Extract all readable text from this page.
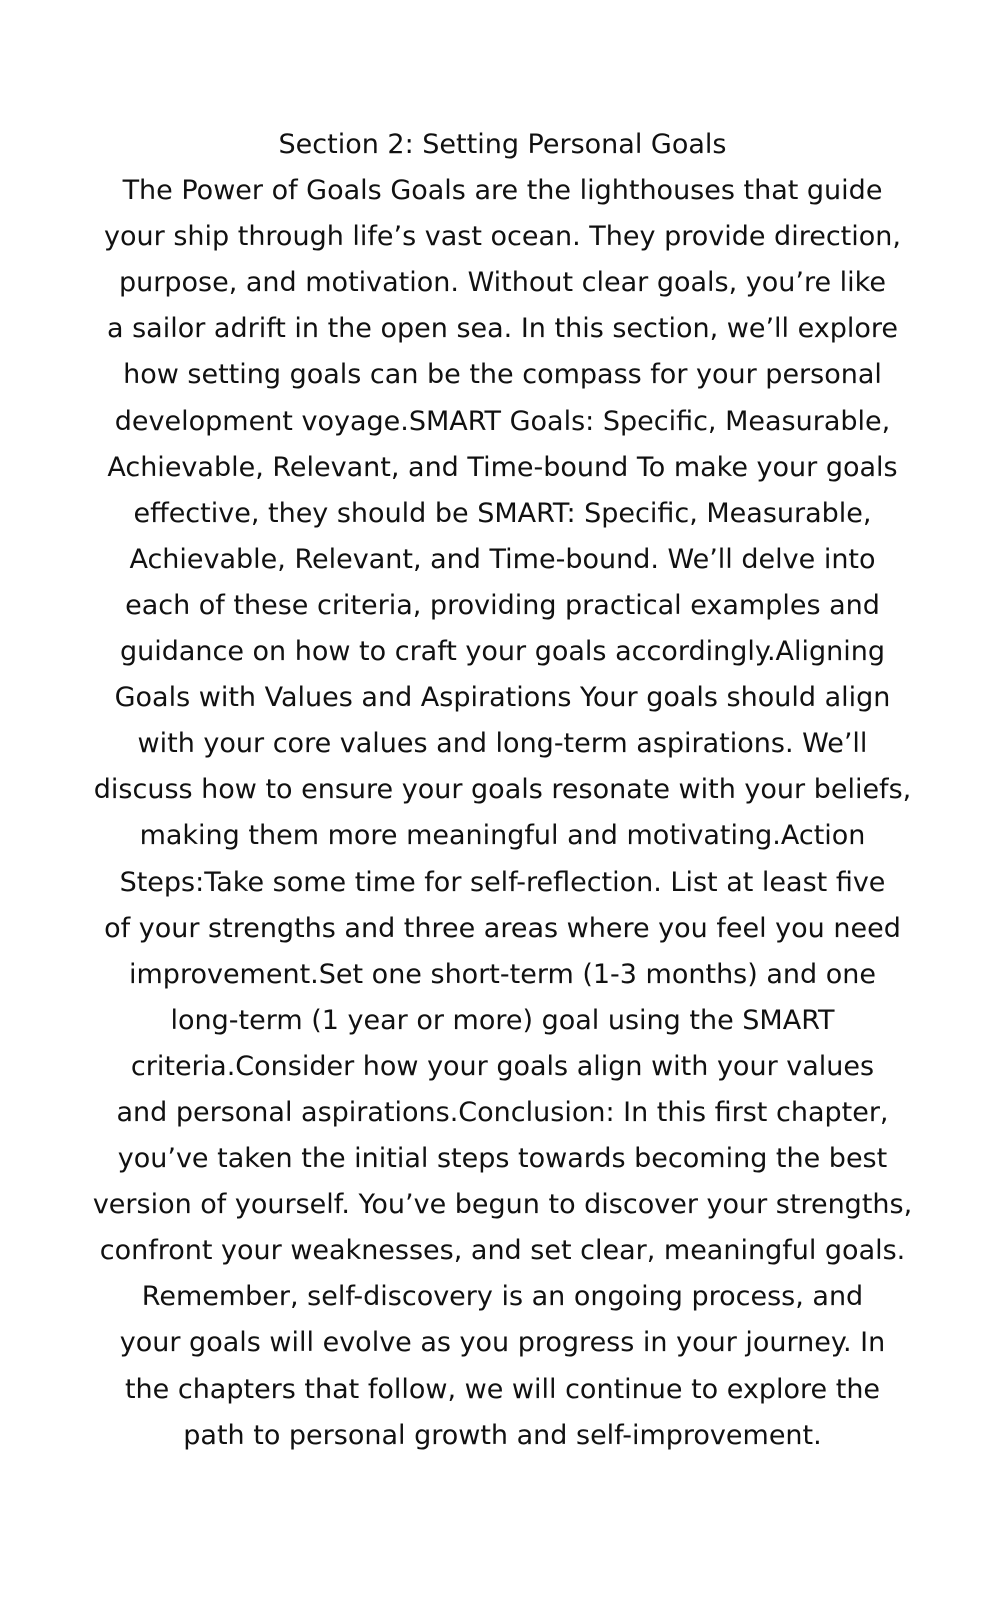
Section 2: Setting Personal Goals
The Power of Goals Goals are the lighthouses that guide
your ship through life’s vast ocean. They provide direction,
purpose, and motivation. Without clear goals, you’re like
a sailor adrift in the open sea. In this section, we’ll explore
how setting goals can be the compass for your personal
development voyage.SMART Goals: Specific, Measurable,
Achievable, Relevant, and Time-bound To make your goals
effective, they should be SMART: Specific, Measurable,
Achievable, Relevant, and Time-bound. We’ll delve into
each of these criteria, providing practical examples and
guidance on how to craft your goals accordingly.Aligning
Goals with Values and Aspirations Your goals should align
with your core values and long-term aspirations. We’ll
discuss how to ensure your goals resonate with your beliefs,
making them more meaningful and motivating.Action
Steps:Take some time for self-reflection. List at least five
of your strengths and three areas where you feel you need
improvement.Set one short-term (1-3 months) and one
long-term (1 year or more) goal using the SMART
criteria.Consider how your goals align with your values
and personal aspirations.Conclusion: In this first chapter,
you’ve taken the initial steps towards becoming the best
version of yourself. You’ve begun to discover your strengths,
confront your weaknesses, and set clear, meaningful goals.
Remember, self-discovery is an ongoing process, and
your goals will evolve as you progress in your journey. In
the chapters that follow, we will continue to explore the
path to personal growth and self-improvement.
